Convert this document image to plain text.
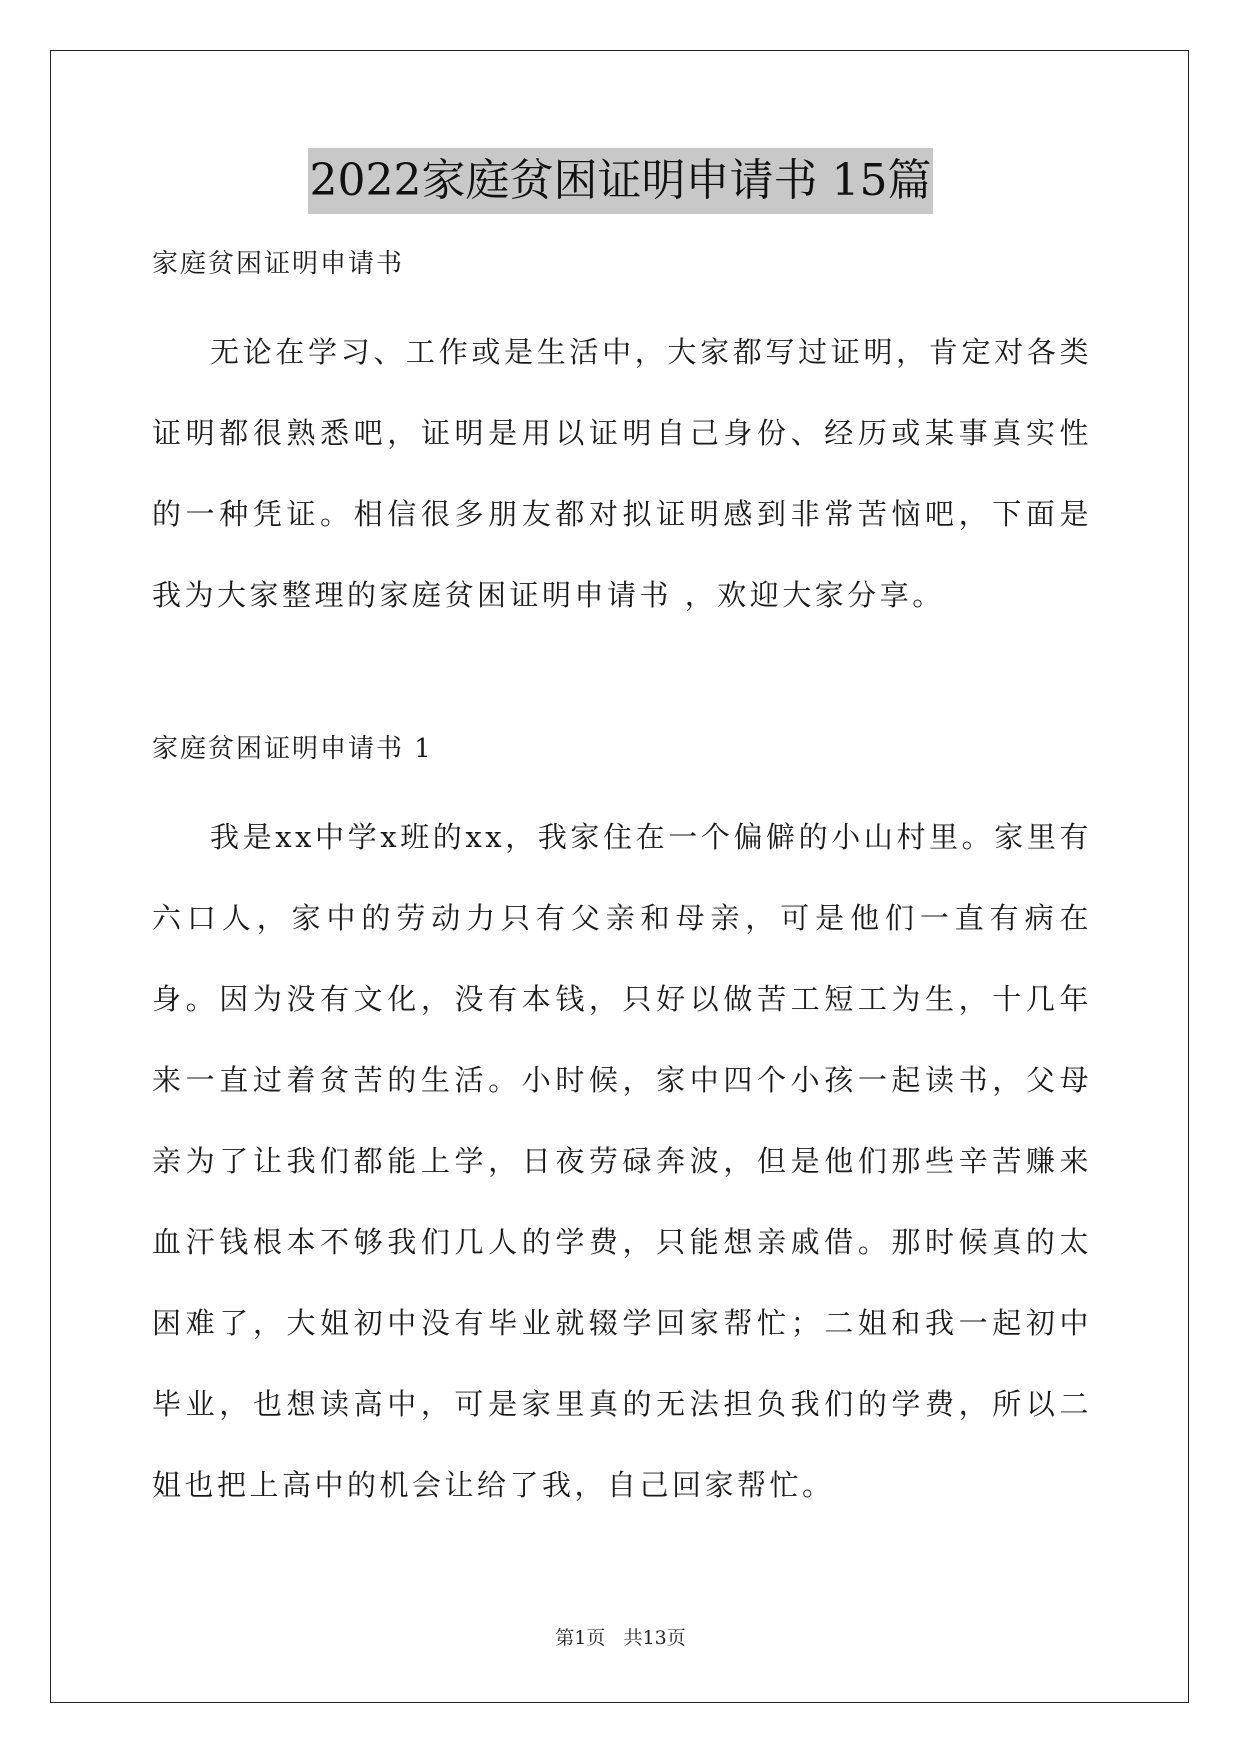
2022家庭贫困证明申请书 15篇

家庭贫困证明申请书

无论在学习、工作或是生活中，大家都写过证明，肯定对各类证明都很熟悉吧，证明是用以证明自己身份、经历或某事真实性的一种凭证。相信很多朋友都对拟证明感到非常苦恼吧，下面是我为大家整理的家庭贫困证明申请书 ，欢迎大家分享。

家庭贫困证明申请书 1

我是xx中学x班的xx，我家住在一个偏僻的小山村里。家里有六口人，家中的劳动力只有父亲和母亲，可是他们一直有病在身。因为没有文化，没有本钱，只好以做苦工短工为生，十几年来一直过着贫苦的生活。小时候，家中四个小孩一起读书，父母亲为了让我们都能上学，日夜劳碌奔波，但是他们那些辛苦赚来血汗钱根本不够我们几人的学费，只能想亲戚借。那时候真的太困难了，大姐初中没有毕业就辍学回家帮忙；二姐和我一起初中毕业，也想读高中，可是家里真的无法担负我们的学费，所以二姐也把上高中的机会让给了我，自己回家帮忙。

第1页 共13页
